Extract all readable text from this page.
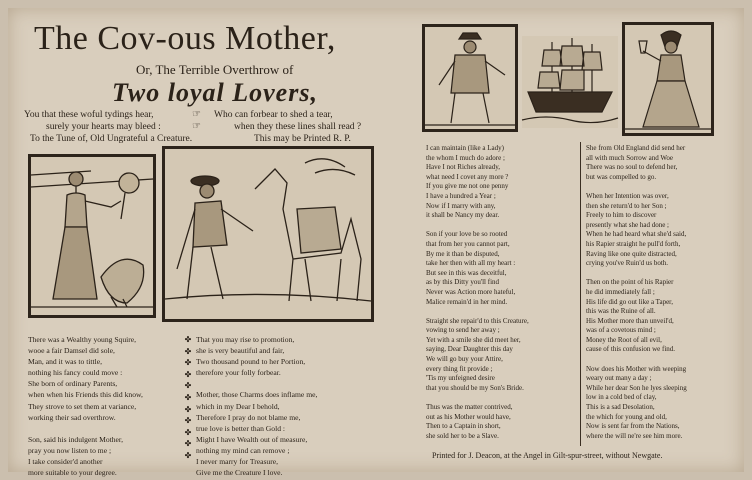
The Cov‑ous Mother,
Or, The Terrible Overthrow of
Two loyal Lovers,
You that these woful tydings hear,	☞ Who can forbear to shed a tear,
surely your hearts may bleed :	☞	when they these lines shall read ?
To the Tune of, Old Ungrateful a Creature.	This may be Printed R. P.
There was a Wealthy young Squire,
wooe a fair Damsel did sole,
Man, and it was to tittle,
nothing his fancy could move :
She born of ordinary Parents,
when when his Friends this did know,
They strove to set them at variance,
working their sad overthrow.

Son, said his indulgent Mother,
pray you now listen to me ;
I take consider'd another
more suitable to your degree.
✤
✤
✤
✤
✤
✤
✤
✤
✤
✤
✤
That you may rise to promotion,
she is very beautiful and fair,
Two thousand pound to her Portion,
therefore your folly forbear.

Mother, those Charms does inflame me,
which in my Dear I behold,
Therefore I pray do not blame me,
true love is better than Gold :
Might I have Wealth out of measure,
nothing my mind can remove ;
I never marry for Treasure,
Give me the Creature I love.
I can maintain (like a Lady)
the whom I much do adore ;
Have I not Riches already,
what need I covet any more ?
If you give me not one penny
I have a hundred a Year ;
Now if I marry with any,
it shall be Nancy my dear.

Son if your love be so rooted
that from her you cannot part,
By me it than be disputed,
take her then with all my heart :
But see in this was deceitful,
as by this Ditty you'll find
Never was Action more hateful,
Malice remain'd in her mind.

Straight she repair'd to this Creature,
vowing to send her away ;
Yet with a smile she did meet her,
saying, Dear Daughter this day
We will go buy your Attire,
every thing fit provide ;
'Tis my unfeigned desire
that you should be my Son's Bride.

Thus was the matter contrived,
out as his Mother would have,
Then to a Captain in short,
she sold her to be a Slave.
She from Old England did send her
all with much Sorrow and Woe
There was no soul to defend her,
but was compelled to go.

When her Intention was over,
then she return'd to her Son ;
Freely to him to discover
presently what she had done ;
When he had heard what she'd said,
his Rapier straight he pull'd forth,
Raving like one quite distracted,
crying you've Ruin'd us both.

Then on the point of his Rapier
he did immediately fall ;
His life did go out like a Taper,
this was the Ruine of all.
His Mother more than unveil'd,
was of a covetous mind ;
Money the Root of all evil,
cause of this confusion we find.

Now does his Mother with weeping
weary out many a day ;
While her dear Son he lyes sleeping
low in a cold bed of clay,
This is a sad Desolation,
the which for young and old,
Now is sent far from the Nations,
where the will ne're see him more.
Printed for J. Deacon, at the Angel in Gilt-spur-street, without Newgate.
